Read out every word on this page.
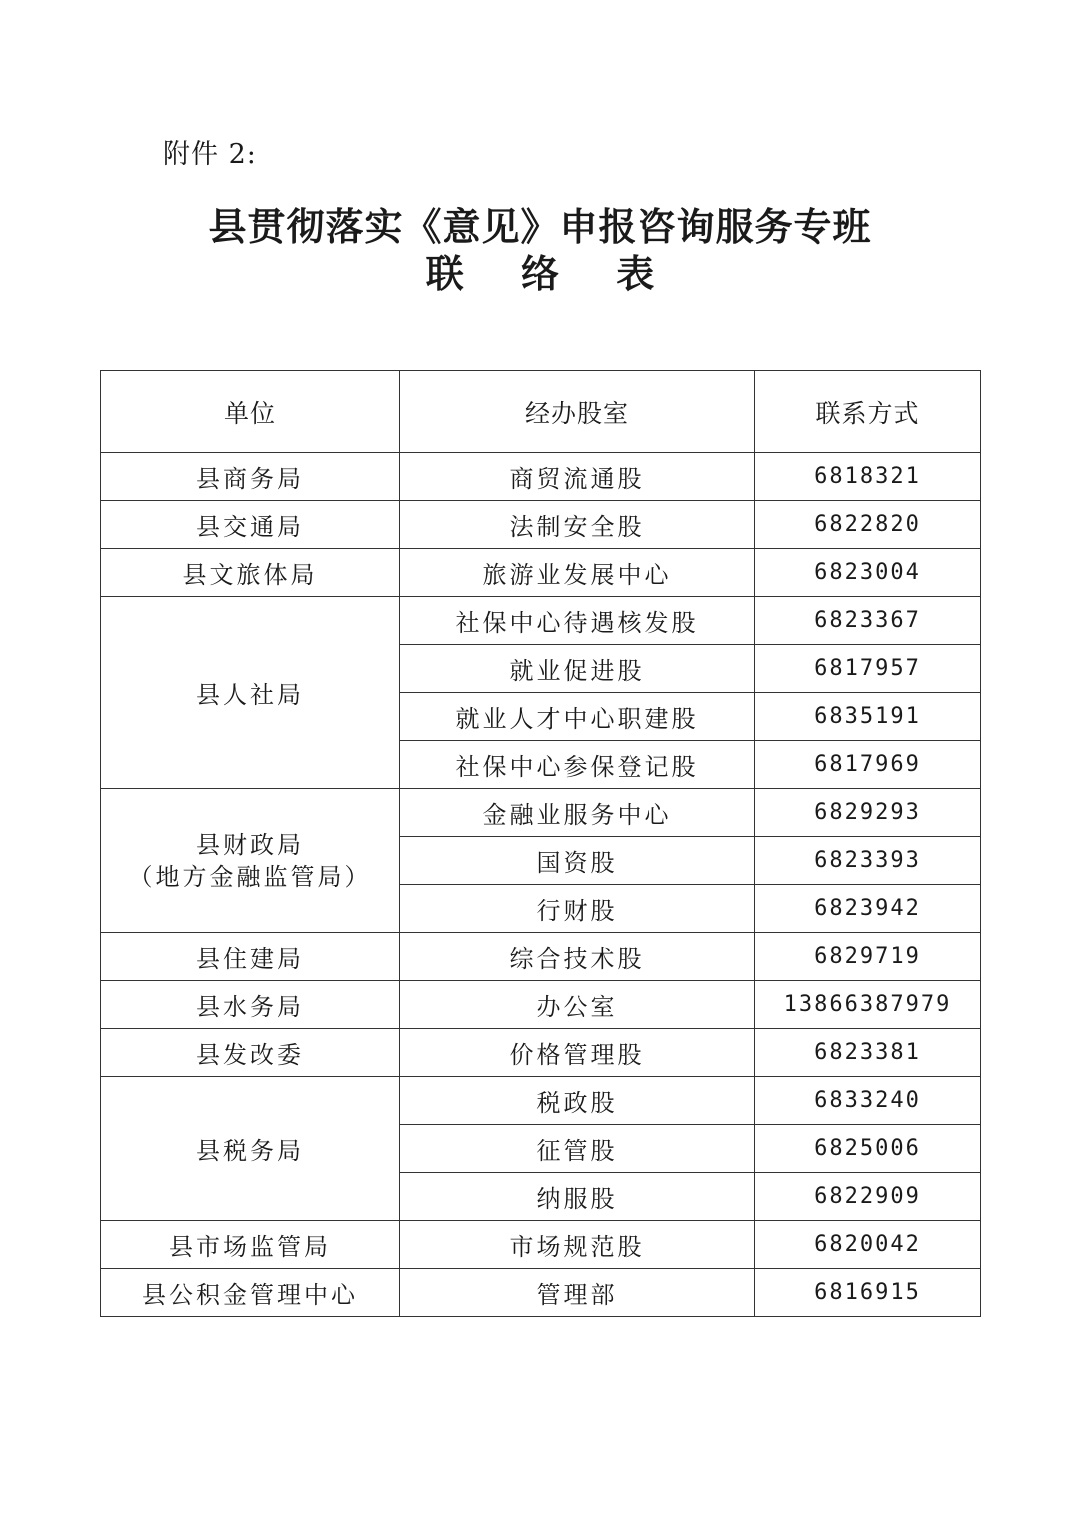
附件 2:
县贯彻落实《意见》申报咨询服务专班
联 络 表
单位	经办股室	联系方式
县商务局	商贸流通股	6818321
县交通局	法制安全股	6822820
县文旅体局	旅游业发展中心	6823004
县人社局	社保中心待遇核发股	6823367
	就业促进股	6817957
	就业人才中心职建股	6835191
	社保中心参保登记股	6817969

县财政局
（地方金融监管局）	金融业服务中心	6829293
	国资股	6823393
	行财股	6823942
县住建局	综合技术股	6829719
县水务局	办公室	13866387979
县发改委	价格管理股	6823381
县税务局	税政股	6833240
	征管股	6825006
	纳服股	6822909
县市场监管局	市场规范股	6820042
县公积金管理中心	管理部	6816915
